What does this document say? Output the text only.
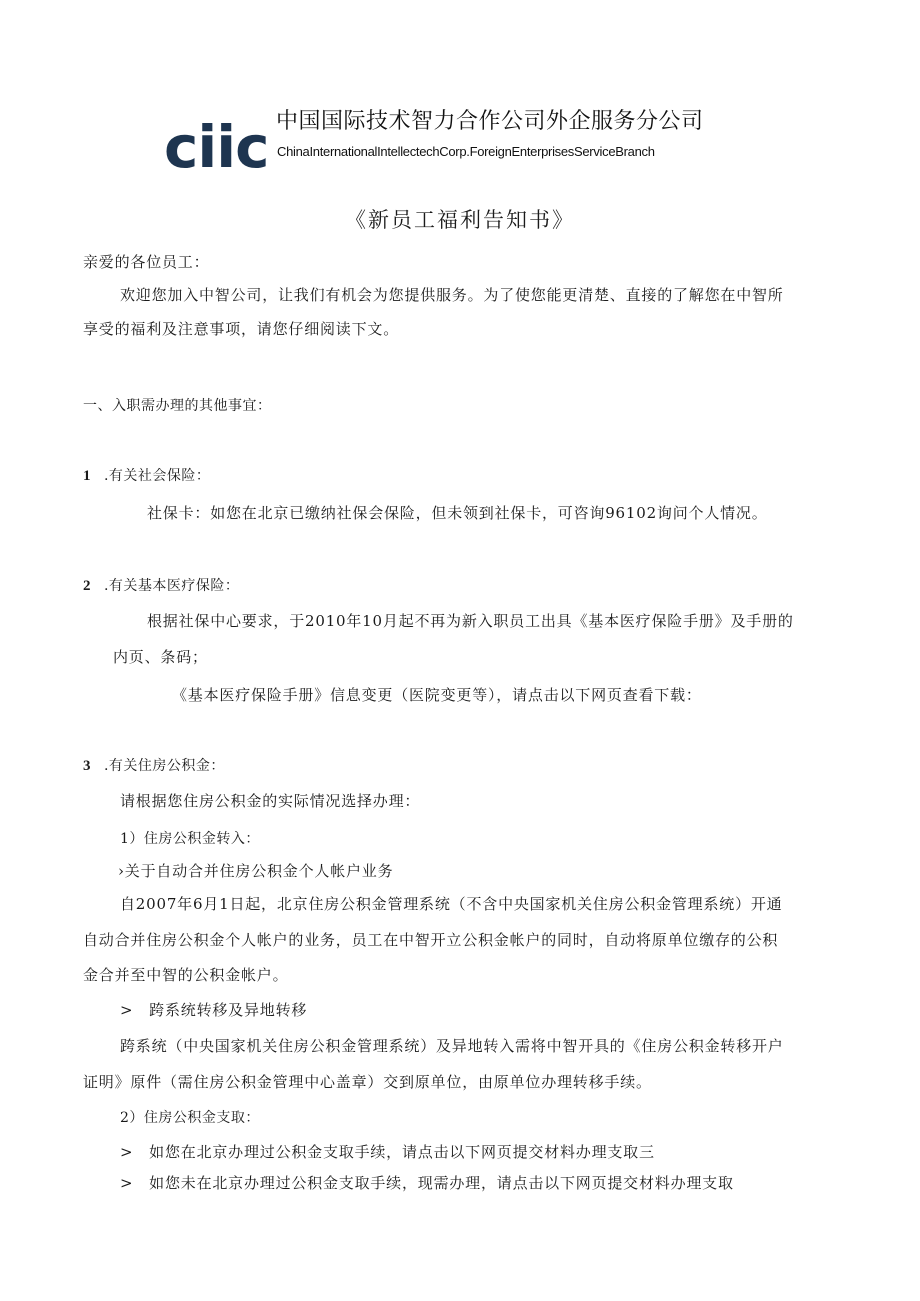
ciic 中国国际技术智力合作公司外企服务分公司
ChinaInternationalIntellectechCorp.ForeignEnterprisesServiceBranch
《新员工福利告知书》
亲爱的各位员工：
欢迎您加入中智公司，让我们有机会为您提供服务。为了使您能更清楚、直接的了解您在中智所
享受的福利及注意事项，请您仔细阅读下文。
一、入职需办理的其他事宜：
1 .有关社会保险：
社保卡：如您在北京已缴纳社保会保险，但未领到社保卡，可咨询96102询问个人情况。
2 .有关基本医疗保险：
根据社保中心要求，于2010年10月起不再为新入职员工出具《基本医疗保险手册》及手册的
内页、条码；
《基本医疗保险手册》信息变更（医院变更等），请点击以下网页查看下载：
3 .有关住房公积金：
请根据您住房公积金的实际情况选择办理：
1）住房公积金转入：
›关于自动合并住房公积金个人帐户业务
自2007年6月1日起，北京住房公积金管理系统（不含中央国家机关住房公积金管理系统）开通
自动合并住房公积金个人帐户的业务，员工在中智开立公积金帐户的同时，自动将原单位缴存的公积
金合并至中智的公积金帐户。
>　跨系统转移及异地转移
跨系统（中央国家机关住房公积金管理系统）及异地转入需将中智开具的《住房公积金转移开户
证明》原件（需住房公积金管理中心盖章）交到原单位，由原单位办理转移手续。
2）住房公积金支取：
>　如您在北京办理过公积金支取手续，请点击以下网页提交材料办理支取三
>　如您未在北京办理过公积金支取手续，现需办理，请点击以下网页提交材料办理支取
